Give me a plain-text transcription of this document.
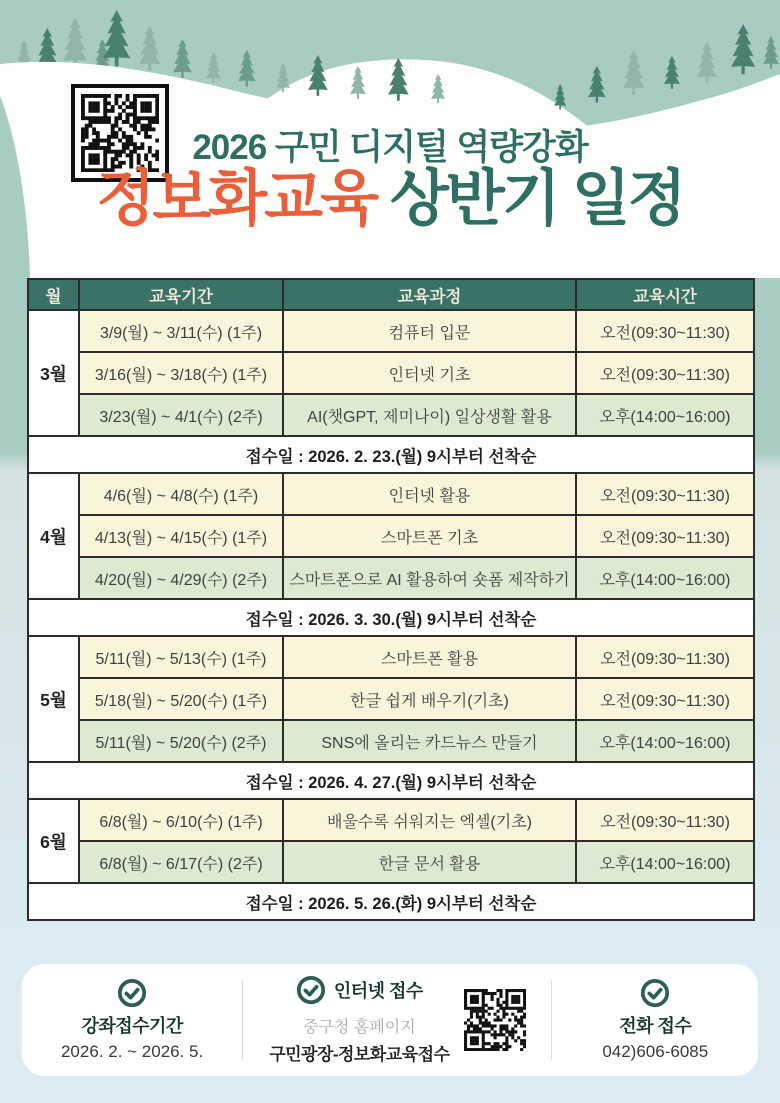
2026 구민 디지털 역량강화
정보화교육 상반기 일정
월	교육기간	교육과정	교육시간
3월	3/9(월) ~ 3/11(수) (1주)	컴퓨터 입문	오전(09:30~11:30)
	3/16(월) ~ 3/18(수) (1주)	인터넷 기초	오전(09:30~11:30)
	3/23(월) ~ 4/1(수) (2주)	AI(챗GPT, 제미나이) 일상생활 활용	오후(14:00~16:00)
접수일 : 2026. 2. 23.(월) 9시부터 선착순			
4월	4/6(월) ~ 4/8(수) (1주)	인터넷 활용	오전(09:30~11:30)
	4/13(월) ~ 4/15(수) (1주)	스마트폰 기초	오전(09:30~11:30)
	4/20(월) ~ 4/29(수) (2주)	스마트폰으로 AI 활용하여 숏폼 제작하기	오후(14:00~16:00)
접수일 : 2026. 3. 30.(월) 9시부터 선착순			
5월	5/11(월) ~ 5/13(수) (1주)	스마트폰 활용	오전(09:30~11:30)
	5/18(월) ~ 5/20(수) (1주)	한글 쉽게 배우기(기초)	오전(09:30~11:30)
	5/11(월) ~ 5/20(수) (2주)	SNS에 올리는 카드뉴스 만들기	오후(14:00~16:00)
접수일 : 2026. 4. 27.(월) 9시부터 선착순			
6월	6/8(월) ~ 6/10(수) (1주)	배울수록 쉬워지는 엑셀(기초)	오전(09:30~11:30)
	6/8(월) ~ 6/17(수) (2주)	한글 문서 활용	오후(14:00~16:00)
접수일 : 2026. 5. 26.(화) 9시부터 선착순			
강좌접수기간
2026. 2. ~ 2026. 5.
인터넷 접수
중구청 홈페이지
구민광장-정보화교육접수
전화 접수
042)606-6085
